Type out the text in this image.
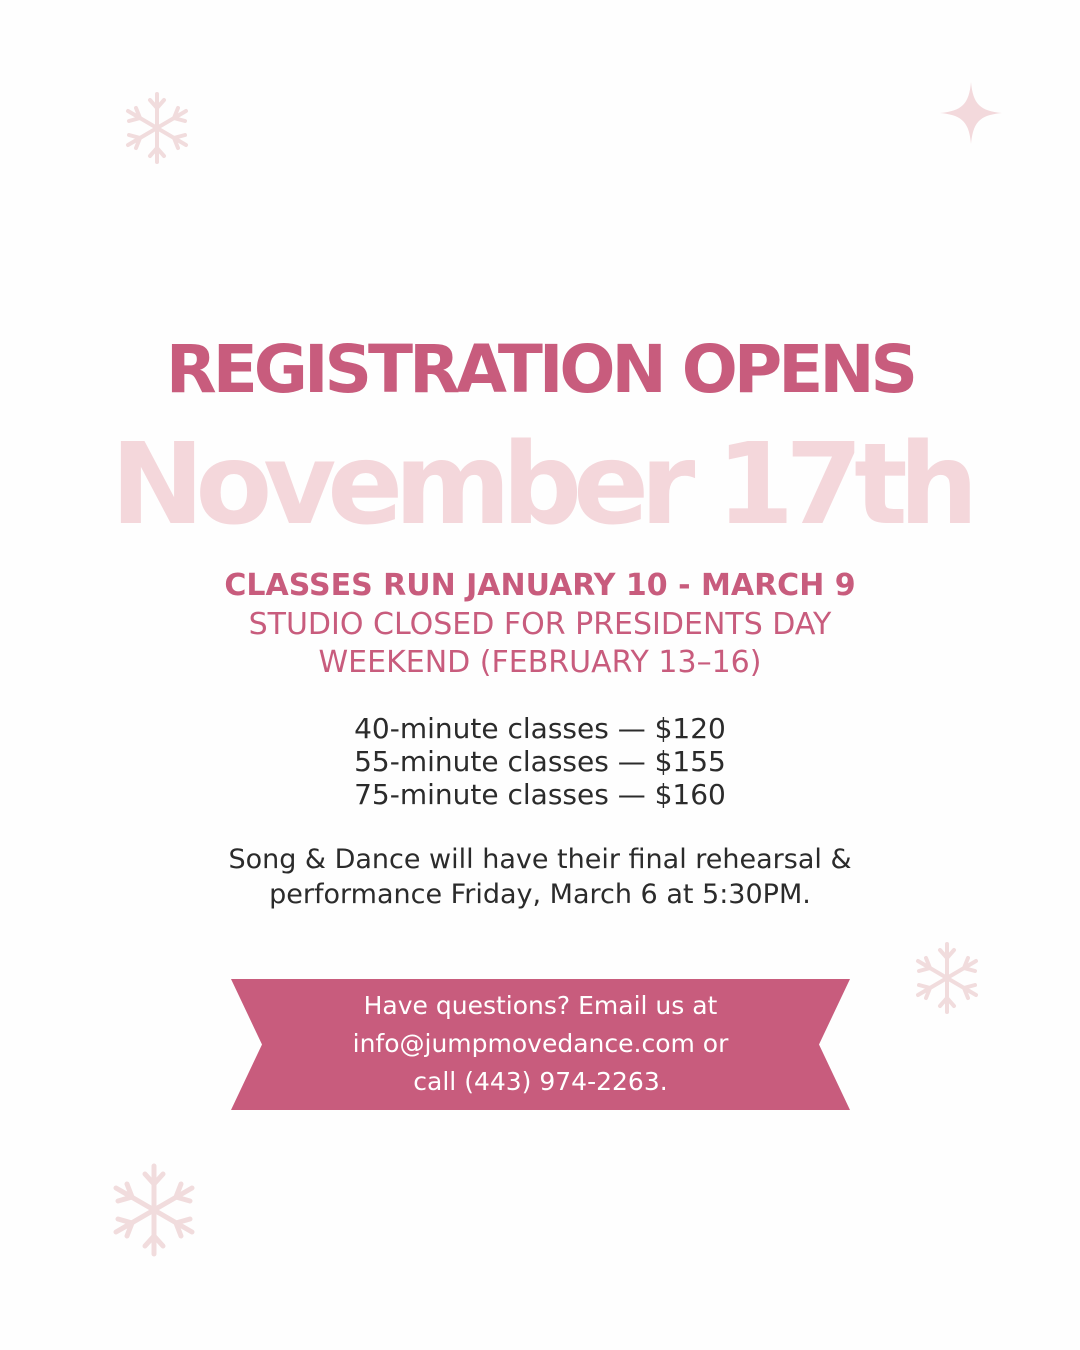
REGISTRATION OPENS
November 17th
CLASSES RUN JANUARY 10 - MARCH 9
STUDIO CLOSED FOR PRESIDENTS DAY
WEEKEND (FEBRUARY 13–16)
40-minute classes — $120
55-minute classes — $155
75-minute classes — $160
Song & Dance will have their final rehearsal &
performance Friday, March 6 at 5:30PM.
Have questions? Email us at
info@jumpmovedance.com or
call (443) 974-2263.
